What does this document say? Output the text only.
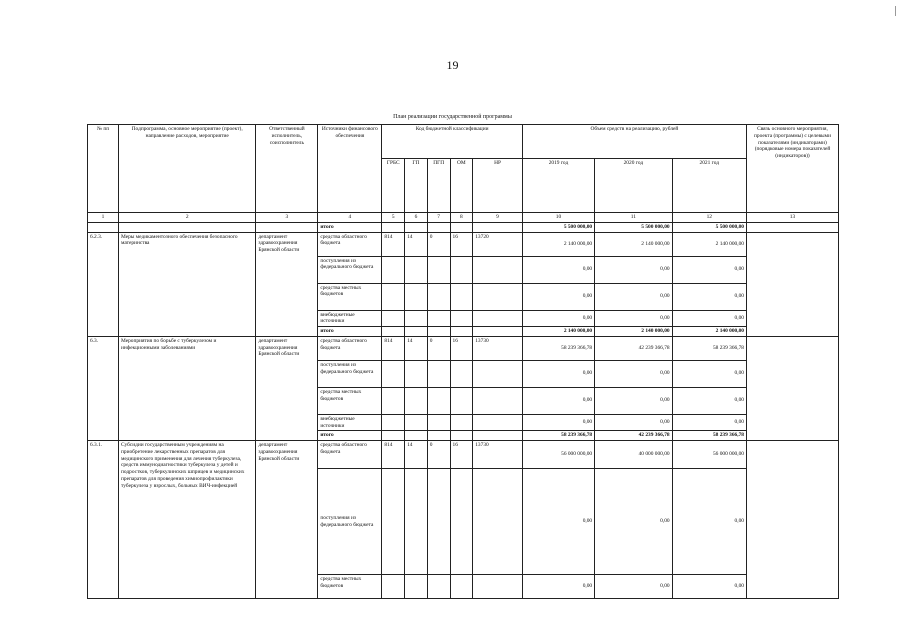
19
План реализации государственной программы
№ пп	Подпрограмма, основное мероприятие (проект), направление расходов, мероприятие	Ответственный исполнитель, соисполнитель	Источники финансового обеспечения	Код бюджетной классификации					Объем средств на реализацию, рублей			Связь основного мероприятия, проекта (программы) с целевыми показателями (индикаторами) (порядковые номера показателей (индикаторов))
				ГРБС	ГП	ПГП	ОМ	НР	2019 год	2020 год	2021 год	
1	2	3	4	5	6	7	8	9	10	11	12	13
			итого						5 500 000,00	5 500 000,00	5 500 000,00	
6.2.3.	Меры медикаментозного обеспечения безопасного материнства	департамент здравоохранения Брянской области	средства областного бюджета	814	14	0	16	13720	2 140 000,00	2 140 000,00	2 140 000,00	
			поступления из федерального бюджета						0,00	0,00	0,00	
			средства местных бюджетов						0,00	0,00	0,00	
			внебюджетные источники						0,00	0,00	0,00	
			итого						2 140 000,00	2 140 000,00	2 140 000,00	
6.3.	Мероприятия по борьбе с туберкулезом и инфекционными заболеваниями	департамент здравоохранения Брянской области	средства областного бюджета	814	14	0	16	13730	58 239 366,78	42 239 366,78	58 239 366,78	
			поступления из федерального бюджета						0,00	0,00	0,00	
			средства местных бюджетов						0,00	0,00	0,00	
			внебюджетные источники						0,00	0,00	0,00	
			итого						58 239 366,78	42 239 366,78	58 239 366,78	
6.3.1.	Субсидии государственным учреждениям на приобретение лекарственных препаратов для медицинского применения для лечения туберкулеза, средств иммунодиагностики туберкулеза у детей и подростков, туберкулинских шприцев и медицинских препаратов для проведения химиопрофилактики туберкулеза у взрослых, больных ВИЧ-инфекцией	департамент здравоохранения Брянской области	средства областного бюджета	814	14	0	16	13730	56 000 000,00	40 000 000,00	56 000 000,00	
			поступления из федерального бюджета						0,00	0,00	0,00	
			средства местных бюджетов						0,00	0,00	0,00	
